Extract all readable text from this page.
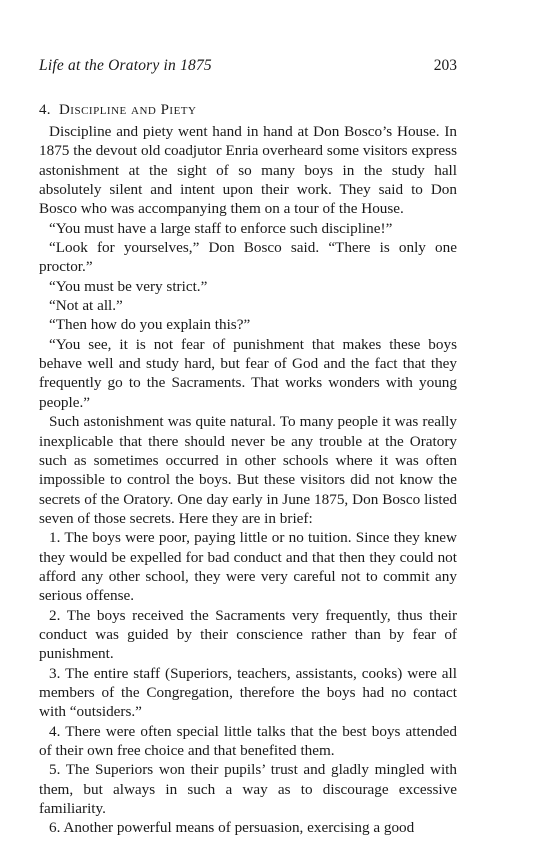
Life at the Oratory in 1875	203
4. Discipline and Piety

Discipline and piety went hand in hand at Don Bosco’s House. In 1875 the devout old coadjutor Enria overheard some visitors express astonishment at the sight of so many boys in the study hall absolutely silent and intent upon their work. They said to Don Bosco who was accompanying them on a tour of the House.

“You must have a large staff to enforce such discipline!”

“Look for yourselves,” Don Bosco said. “There is only one proctor.”

“You must be very strict.”

“Not at all.”

“Then how do you explain this?”

“You see, it is not fear of punishment that makes these boys behave well and study hard, but fear of God and the fact that they frequently go to the Sacraments. That works wonders with young people.”

Such astonishment was quite natural. To many people it was really inexplicable that there should never be any trouble at the Oratory such as sometimes occurred in other schools where it was often impossible to control the boys. But these visitors did not know the secrets of the Oratory. One day early in June 1875, Don Bosco listed seven of those secrets. Here they are in brief:

1. The boys were poor, paying little or no tuition. Since they knew they would be expelled for bad conduct and that then they could not afford any other school, they were very careful not to commit any serious offense.

2. The boys received the Sacraments very frequently, thus their conduct was guided by their conscience rather than by fear of punishment.

3. The entire staff (Superiors, teachers, assistants, cooks) were all members of the Congregation, therefore the boys had no contact with “outsiders.”

4. There were often special little talks that the best boys attended of their own free choice and that benefited them.

5. The Superiors won their pupils’ trust and gladly mingled with them, but always in such a way as to discourage excessive familiarity.

6. Another powerful means of persuasion, exercising a good
